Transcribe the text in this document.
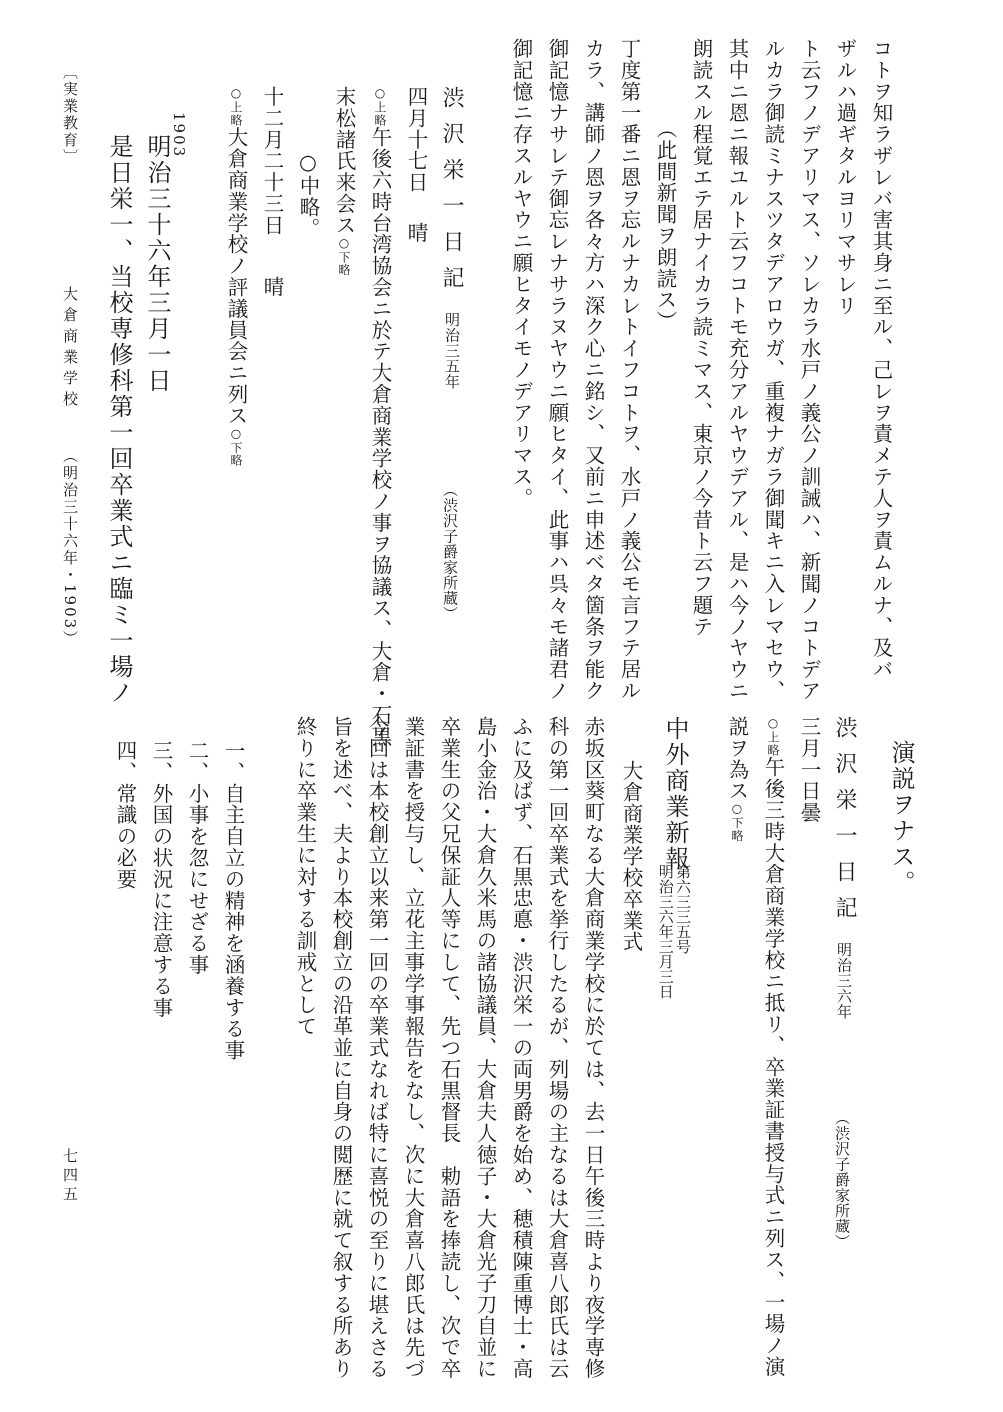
コトヲ知ラザレバ害其身ニ至ル、己レヲ責メテ人ヲ責ムルナ、及バ
ザルハ過ギタルヨリマサレリ
ト云フノデアリマス、ソレカラ水戸ノ義公ノ訓誡ハ、新聞ノコトデア
ルカラ御読ミナスツタデアロウガ、重複ナガラ御聞キニ入レマセウ、
其中ニ恩ニ報ユルト云フコトモ充分アルヤウデアル、是ハ今ノヤウニ
朗読スル程覚エテ居ナイカラ読ミマス、東京ノ今昔ト云フ題テ
（此間新聞ヲ朗読ス）
丁度第一番ニ恩ヲ忘ルナカレトイフコトヲ、水戸ノ義公モ言フテ居ル
カラ、講師ノ恩ヲ各々方ハ深ク心ニ銘シ、又前ニ申述ベタ箇条ヲ能ク
御記憶ナサレテ御忘レナサラヌヤウニ願ヒタイ、此事ハ呉々モ諸君ノ
御記憶ニ存スルヤウニ願ヒタイモノデアリマス。
渋沢栄一日記
明治三五年
（渋沢子爵家所蔵）
四月十七日
晴
○上略午後六時台湾協会ニ於テ大倉商業学校ノ事ヲ協議ス、大倉・石黒
末松諸氏来会ス○下略
○中略。
十二月二十三日
晴
○上略大倉商業学校ノ評議員会ニ列ス○下略
1903
明治三十六年三月一日
是日栄一、当校専修科第一回卒業式ニ臨ミ一場ノ
〔実業教育〕
大倉商業学校
（明治三十六年・1903）
演説ヲナス。
渋沢栄一日記
明治三六年
（渋沢子爵家所蔵）
三月一日
曇
○上略午後三時大倉商業学校ニ抵リ、卒業証書授与式ニ列ス、一場ノ演
説ヲ為ス○下略
中外商業新報
第六三三五号
明治三六年三月三日
大倉商業学校卒業式
赤坂区葵町なる大倉商業学校に於ては、去一日午後三時より夜学専修
科の第一回卒業式を挙行したるが、列場の主なるは大倉喜八郎氏は云
ふに及ばず、石黒忠悳・渋沢栄一の両男爵を始め、穂積陳重博士・高
島小金治・大倉久米馬の諸協議員、大倉夫人徳子・大倉光子刀自並に
卒業生の父兄保証人等にして、先つ石黒督長　勅語を捧読し、次で卒
業証書を授与し、立花主事学事報告をなし、次に大倉喜八郎氏は先づ
今回は本校創立以来第一回の卒業式なれば特に喜悦の至りに堪えさる
旨を述べ、夫より本校創立の沿革並に自身の閲歴に就て叙する所あり
終りに卒業生に対する訓戒として
一、自主自立の精神を涵養する事
二、小事を忽にせざる事
三、外国の状況に注意する事
四、常識の必要
七四五
